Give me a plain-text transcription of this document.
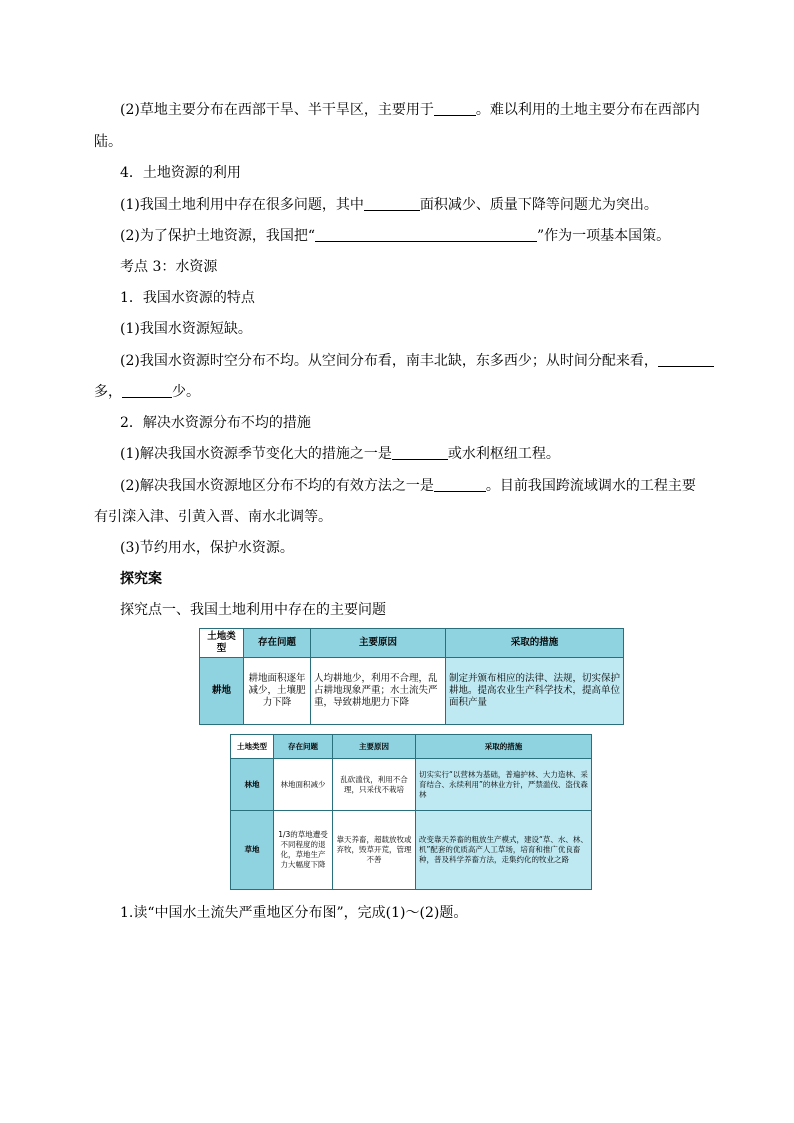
(2)草地主要分布在西部干旱、半干旱区，主要用于	。难以利用的土地主要分布在西部内
陆。
4．土地资源的利用
(1)我国土地利用中存在很多问题，其中	面积减少、质量下降等问题尤为突出。
(2)为了保护土地资源，我国把“	”作为一项基本国策。
考点 3：水资源
1．我国水资源的特点
(1)我国水资源短缺。
(2)我国水资源时空分布不均。从空间分布看，南丰北缺，东多西少；从时间分配来看，
多，	少。
2．解决水资源分布不均的措施
(1)解决我国水资源季节变化大的措施之一是	或水利枢纽工程。
(2)解决我国水资源地区分布不均的有效方法之一是	。目前我国跨流域调水的工程主要
有引滦入津、引黄入晋、南水北调等。
(3)节约用水，保护水资源。
探究案
探究点一、我国土地利用中存在的主要问题
土地类型	存在问题	主要原因	采取的措施
耕地	耕地面积逐年减少，土壤肥力下降	人均耕地少，利用不合理，乱占耕地现象严重；水土流失严重，导致耕地肥力下降	制定并颁布相应的法律、法规，切实保护耕地。提高农业生产科学技术，提高单位面积产量
土地类型	存在问题	主要原因	采取的措施
林地	林地面积减少	乱砍滥伐，利用不合理，只采伐不栽培	切实实行“以营林为基础，普遍护林、大力造林、采育结合、永续利用”的林业方针，严禁滥伐、盗伐森林
草地	1/3的草地遭受不同程度的退化，草地生产力大幅度下降	靠天养畜，超载放牧或弃牧，毁草开荒，管理不善	改变靠天养畜的粗放生产模式，建设“草、水、林、机”配套的优质高产人工草场，培育和推广优良畜种，普及科学养畜方法，走集约化的牧业之路
1.读“中国水土流失严重地区分布图”，完成(1)～(2)题。
